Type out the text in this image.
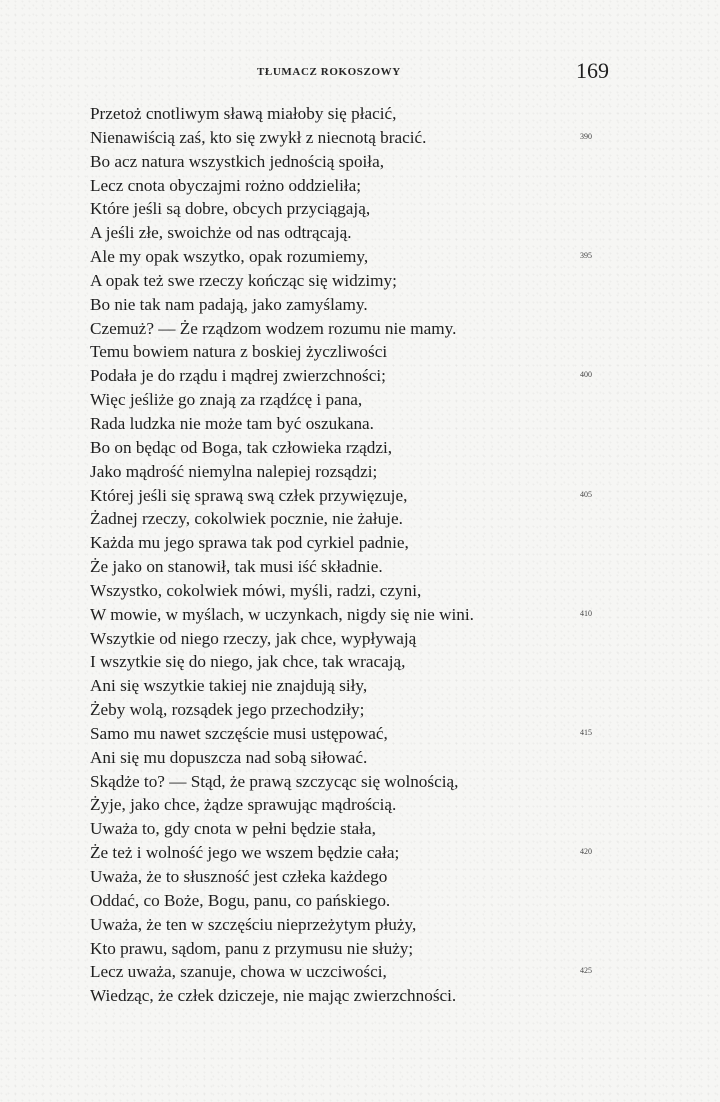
TŁUMACZ ROKOSZOWY	169
Przetoż cnotliwym sławą miałoby się płacić,
Nienawiścią zaś, kto się zwykł z niecnotą bracić.	390
Bo acz natura wszystkich jednością spoiła,
Lecz cnota obyczajmi rożno oddzieliła;
Które jeśli są dobre, obcych przyciągają,
A jeśli złe, swoichże od nas odtrącają.
Ale my opak wszytko, opak rozumiemy,	395
A opak też swe rzeczy kończąc się widzimy;
Bo nie tak nam padają, jako zamyślamy.
Czemuż? — Że rządzom wodzem rozumu nie mamy.
Temu bowiem natura z boskiej życzliwości
Podała je do rządu i mądrej zwierzchności;	400
Więc jeśliże go znają za rządźcę i pana,
Rada ludzka nie może tam być oszukana.
Bo on będąc od Boga, tak człowieka rządzi,
Jako mądrość niemylna nalepiej rozsądzi;
Której jeśli się sprawą swą człek przywięzuje,	405
Żadnej rzeczy, cokolwiek pocznie, nie żałuje.
Każda mu jego sprawa tak pod cyrkiel padnie,
Że jako on stanowił, tak musi iść składnie.
Wszystko, cokolwiek mówi, myśli, radzi, czyni,
W mowie, w myślach, w uczynkach, nigdy się nie wini.	410
Wszytkie od niego rzeczy, jak chce, wypływają
I wszytkie się do niego, jak chce, tak wracają,
Ani się wszytkie takiej nie znajdują siły,
Żeby wolą, rozsądek jego przechodziły;
Samo mu nawet szczęście musi ustępować,	415
Ani się mu dopuszcza nad sobą siłować.
Skądże to? — Stąd, że prawą szczycąc się wolnością,
Żyje, jako chce, żądze sprawując mądrością.
Uważa to, gdy cnota w pełni będzie stała,
Że też i wolność jego we wszem będzie cała;	420
Uważa, że to słuszność jest człeka każdego
Oddać, co Boże, Bogu, panu, co pańskiego.
Uważa, że ten w szczęściu nieprzeżytym płuży,
Kto prawu, sądom, panu z przymusu nie służy;
Lecz uważa, szanuje, chowa w uczciwości,	425
Wiedząc, że człek dziczeje, nie mając zwierzchności.
